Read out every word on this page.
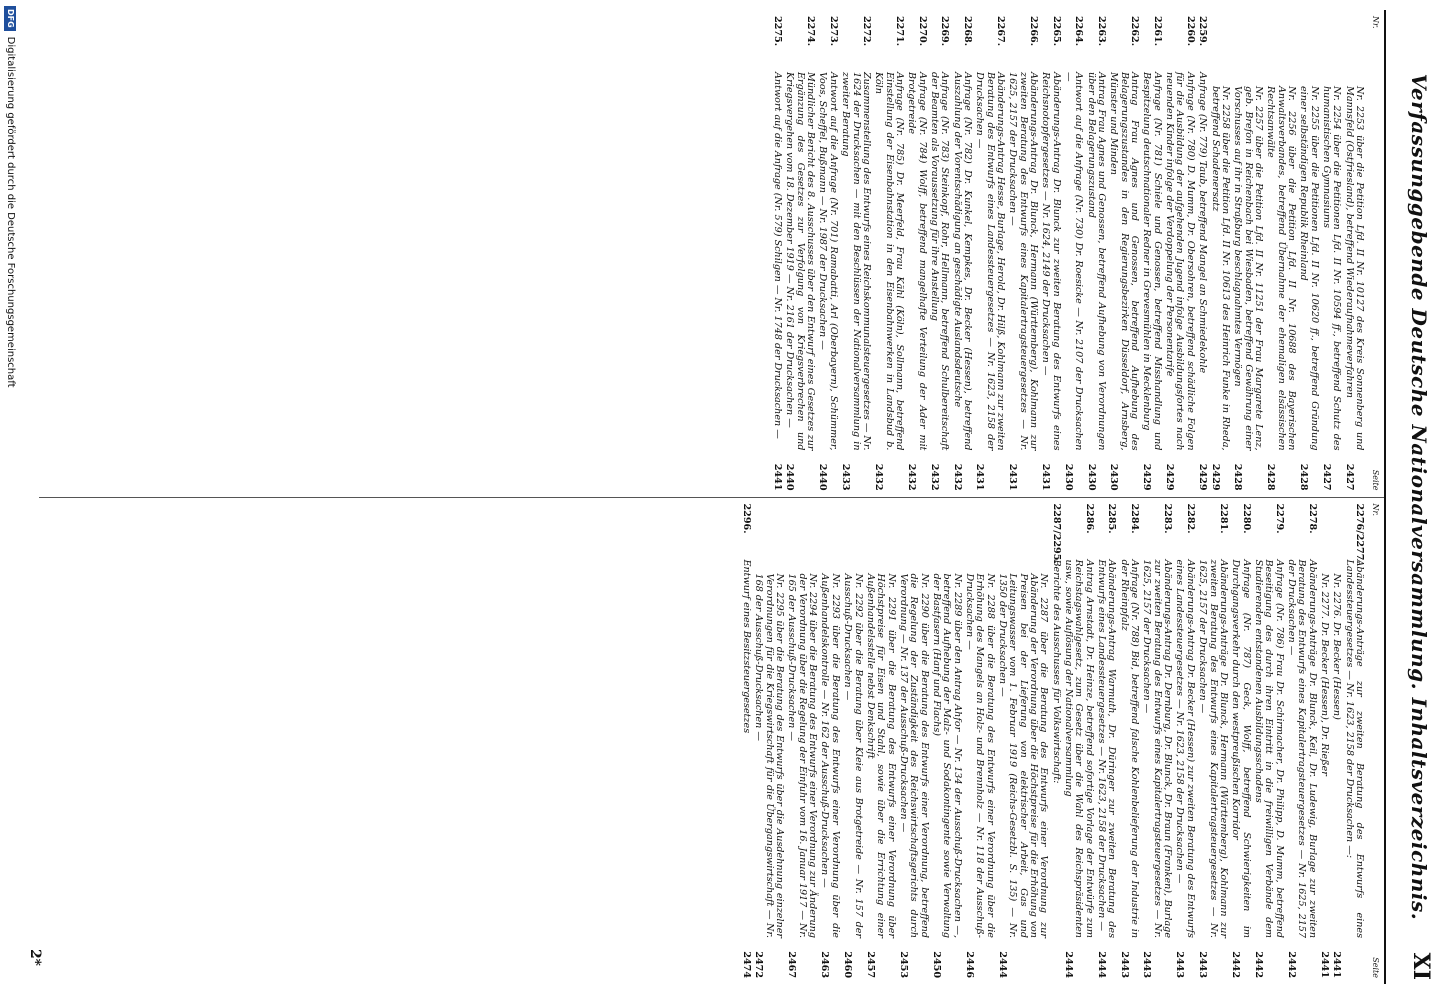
Verfassunggebende Deutsche Nationalversammlung. Inhaltsverzeichnis.
XI
Nr.
Seite
Nr. 2253 über die Petition Lfd. II Nr. 10127 des Kreis Sonnenberg und Mannsfeld (Ostfriesland), betreffend Wiederaufnahmeverfahren
2427
Nr. 2254 über die Petitionen Lfd. II Nr. 10594 ff., betreffend Schutz des humanistischen Gymnasiums
2427
Nr. 2255 über die Petitionen Lfd. II Nr. 10620 ff., betreffend Gründung einer selbständigen Republik Rheinland
2428
Nr. 2256 über die Petition Lfd. II Nr. 10688 des Bayerischen Anwaltsverbandes, betreffend Übernahme der ehemaligen elsässischen Rechtsanwälte
2428
Nr. 2257 über die Petition Lfd. II Nr. 11251 der Frau Margarete Lenz, geb. Brefon in Reichenbach bei Wiesbaden, betreffend Gewährung einer Vorschusses auf ihr in Straßburg beschlagnahmtes Vermögen
2428
Nr. 2258 über die Petition Lfd. II Nr. 10613 des Heinrich Funke in Rheda, betreffend Schadenersatz
2429
2259.
Anfrage (Nr. 779) Taub, betreffend Mangel an Schmiedekohle
2429
2260.
Anfrage (Nr. 780) D. Mumm, Dr. Obersohren, betreffend schädliche Folgen für die Ausbildung der aufgehenden Jugend infolge Ausbildungsfortes nach neuenden Kinder infolge der Verdoppelung der Personentarife
2429
2261.
Anfrage (Nr. 781) Schiele und Genossen, betreffend Misshandlung und Bespitzelung deutschnationaler Redner in Grevesmühlen in Mecklenburg
2429
2262.
Antrag Frau Agnes und Genossen, betreffend Aufhebung des Belagerungszustandes in den Regierungsbezirken Düsseldorf, Arnsberg, Münster und Minden
2430
2263.
Antrag Frau Agnes und Genossen, betreffend Aufhebung von Verordnungen über den Belagerungszustand
2430
2264.
Antwort auf die Anfrage (Nr. 730) Dr. Roesicke — Nr. 2107 der Drucksachen —
2430
2265.
Abänderungs-Antrag Dr. Blunck zur zweiten Beratung des Entwurfs eines Reichsnotopfergesetzes — Nr. 1624, 2149 der Drucksachen —
2431
2266.
Abänderungs-Antrag Dr. Blunck, Hermann (Württemberg), Kohlmann zur zweiten Beratung des Entwurfs eines Kapitalertragsteuergesetzes — Nr. 1625, 2157 der Drucksachen —
2431
2267.
Abänderungs-Antrag Hesse, Burlage, Herold, Dr. Hilß, Kohlmann zur zweiten Beratung des Entwurfs eines Landessteuergesetzes — Nr. 1623, 2158 der Drucksachen —
2431
2268.
Anfrage (Nr. 782) Dr. Kunkel, Kempkes, Dr. Becker (Hessen), betreffend Auszahlung der Vorentschädigung an geschädigte Auslandsdeutsche
2432
2269.
Anfrage (Nr. 783) Steinkopf, Rohr, Hellmann, betreffend Schulbereitschaft der Beamten als Voraussetzung für ihre Anstellung
2432
2270.
Anfrage (Nr. 784) Wolff, betreffend mangelhafte Verteilung der Ader mit Brotgetreide
2432
2271.
Anfrage (Nr. 785) Dr. Meerfeld, Frau Kähl (Köln), Sollmann, betreffend Einstellung der Eisenbahnstation in den Eisenbahnwerken in Landsbud b. Köln
2432
2272.
Zusammenstellung des Entwurfs eines Reichskommunalsteuergesetzes — Nr. 1624 der Drucksachen — mit den Beschlüssen der Nationalversammlung in zweiter Beratung
2433
2273.
Antwort auf die Anfrage (Nr. 701) Ramabatti, Arl (Oberbayern), Schümmer, Voos, Scheffel, Bußmann — Nr. 1987 der Drucksachen —
2440
2274.
Mündlicher Bericht des 8. Ausschusses über den Entwurf eines Gesetzes zur Ergänzung des Gesetzes zur Verfolgung von Kriegsverbrechen und Kriegsvergehen vom 18. Dezember 1919 — Nr. 2161 der Drucksachen —
2440
2275.
Antwort auf die Anfrage (Nr. 579) Schilgen — Nr. 1748 der Drucksachen —
2441
Nr.
Seite
2276/2277.
Abänderungs-Anträge zur zweiten Beratung des Entwurfs eines Landessteuergesetzes — Nr. 1623, 2158 der Drucksachen —:
Nr. 2276. Dr. Becker (Hessen)
2441
Nr. 2277. Dr. Becker (Hessen), Dr. Rießer
2441
2278.
Abänderungs-Anträge Dr. Blunck, Keil, Dr. Ludewig, Burlage zur zweiten Beratung des Entwurfs eines Kapitalertragsteuergesetzes — Nr. 1625, 2157 der Drucksachen —
2442
2279.
Anfrage (Nr. 786) Frau Dr. Schirmacher, Dr. Philipp, D. Mumm, betreffend Beseitigung des durch ihren Eintritt in die freiwilligen Verbände dem Studierenden entstandenen Ausbildungsschadens
2442
2280.
Anfrage (Nr. 787) Geck, Wolff, betreffend Schwierigkeiten im Durchgangsverkehr durch den westpreußischen Korridor
2442
2281.
Abänderungs-Anträge Dr. Blunck, Hermann (Württemberg), Kohlmann zur zweiten Beratung des Entwurfs eines Kapitalertragsteuergesetzes — Nr. 1625, 2157 der Drucksachen —
2443
2282.
Abänderungs-Antrag Dr. Becker (Hessen) zur zweiten Beratung des Entwurfs eines Landessteuergesetzes — Nr. 1623, 2158 der Drucksachen —
2443
2283.
Abänderungs-Antrag Dr. Dernburg, Dr. Blunck, Dr. Braun (Franken), Burlage zur zweiten Beratung des Entwurfs eines Kapitalertragsteuergesetzes — Nr. 1625, 2157 der Drucksachen —
2443
2284.
Anfrage (Nr. 788) Bid, betreffend falsche Kohlenbelieferung der Industrie in der Rheinpfalz
2443
2285.
Abänderungs-Antrag Warmuth, Dr. Düringer zur zweiten Beratung des Entwurfs eines Landessteuergesetzes — Nr. 1623, 2158 der Drucksachen —
2444
2286.
Antrag Arnstadt, Dr. Heinze, betreffend sofortige Vorlage der Entwürfe zum Reichstagswahlgesetz, zum Gesetz über die Wahl des Reichspräsidenten usw., sowie Auflösung der Nationalversammlung
2444
2287/2295.
Berichte des Ausschusses für Volkswirtschaft:
Nr. 2287 über die Beratung des Entwurfs einer Verordnung zur Abänderung der Verordnung über die Höchstpreise für die Erhöhung von Preisen bei der Lieferung von elektrischer Arbeit, Gas und Leitungswasser vom 1. Februar 1919 (Reichs-Gesetzbl. S. 135) — Nr. 1350 der Drucksachen —
2444
Nr. 2288 über die Beratung des Entwurfs einer Verordnung über die Erhöhung des Mangels an Holz- und Brennholz — Nr. 118 der Ausschuß-Drucksachen —
2446
Nr. 2289 über den Antrag Ahfor — Nr. 134 der Ausschuß-Drucksachen —, betreffend Aufhebung der Malz- und Sodakontingente sowie Verwaltung der Bastfasern (Hanf und Flachs)
2450
Nr. 2290 über die Beratung des Entwurfs einer Verordnung, betreffend die Regelung der Zuständigkeit des Reichswirtschaftsgerichts durch Verordnung — Nr. 137 der Ausschuß-Drucksachen —
2453
Nr. 2291 über die Beratung des Entwurfs einer Verordnung über Höchstpreise für Eisen und Stahl, sowie über die Errichtung einer Außenhandelsstelle nebst Denkschrift
2457
Nr. 2292 über die Beratung über Kleie aus Brotgetreide — Nr. 157 der Ausschuß-Drucksachen —
2460
Nr. 2293 über die Beratung des Entwurfs einer Verordnung über die Außenhandelskontrolle — Nr. 162 der Ausschuß-Drucksachen —
2463
Nr. 2294 über die Beratung des Entwurfs einer Verordnung zur Änderung der Verordnung über die Regelung der Einfuhr vom 16. Januar 1917 — Nr. 165 der Ausschuß-Drucksachen —
2467
Nr. 2295 über die Beratung des Entwurfs über die Ausdehnung einzelner Verordnungen für die Kriegswirtschaft für die Übergangswirtschaft — Nr. 168 der Ausschuß-Drucksachen —
2472
2296.
Entwurf eines Besitzsteuergesetzes
2474
2*
DFG
Digitalisierung gefördert durch die Deutsche Forschungsgemeinschaft
